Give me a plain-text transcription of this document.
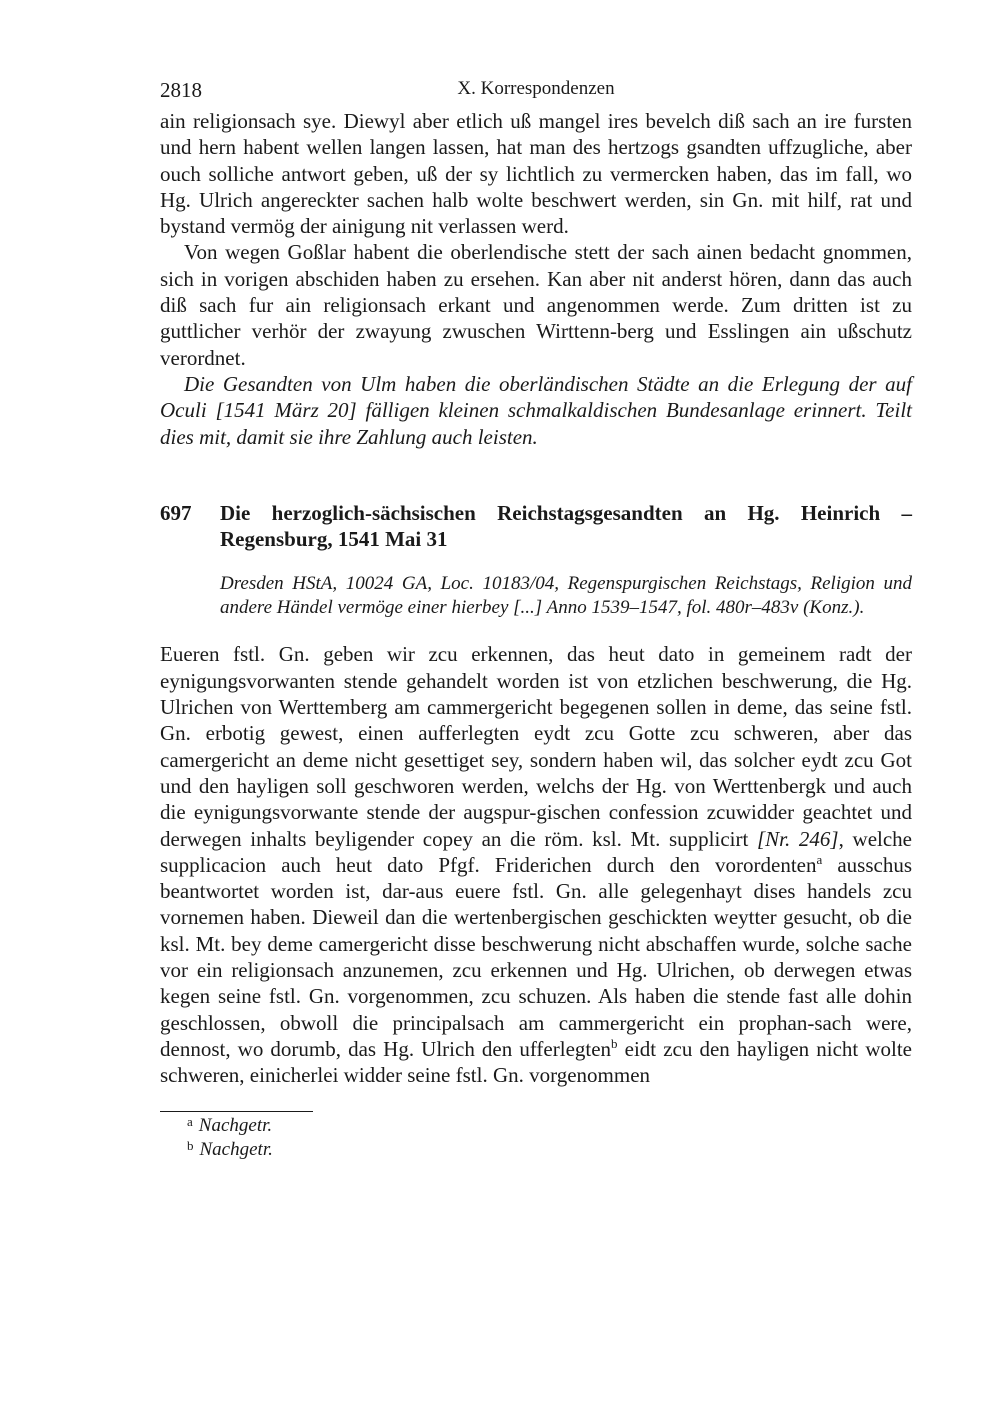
2818	X. Korrespondenzen

ain religionsach sye. Diewyl aber etlich uß mangel ires bevelch diß sach an ire fursten und hern habent wellen langen lassen, hat man des hertzogs gsandten uffzugliche, aber ouch solliche antwort geben, uß der sy lichtlich zu vermercken haben, das im fall, wo Hg. Ulrich angereckter sachen halb wolte beschwert werden, sin Gn. mit hilf, rat und bystand vermög der ainigung nit verlassen werd.

Von wegen Goßlar habent die oberlendische stett der sach ainen bedacht gnommen, sich in vorigen abschiden haben zu ersehen. Kan aber nit anderst hören, dann das auch diß sach fur ain religionsach erkant und angenommen werde. Zum dritten ist zu guttlicher verhör der zwayung zwuschen Wirttenn-berg und Esslingen ain ußschutz verordnet.

Die Gesandten von Ulm haben die oberländischen Städte an die Erlegung der auf Oculi [1541 März 20] fälligen kleinen schmalkaldischen Bundesanlage erinnert. Teilt dies mit, damit sie ihre Zahlung auch leisten.

697	Die herzoglich-sächsischen Reichstagsgesandten an Hg. Heinrich – Regensburg, 1541 Mai 31

Dresden HStA, 10024 GA, Loc. 10183/04, Regenspurgischen Reichstags, Religion und andere Händel vermöge einer hierbey [...] Anno 1539–1547, fol. 480r–483v (Konz.).

Eueren fstl. Gn. geben wir zcu erkennen, das heut dato in gemeinem radt der eynigungsvorwanten stende gehandelt worden ist von etzlichen beschwerung, die Hg. Ulrichen von Werttemberg am cammergericht begegenen sollen in deme, das seine fstl. Gn. erbotig gewest, einen aufferlegten eydt zcu Gotte zcu schweren, aber das camergericht an deme nicht gesettiget sey, sondern haben wil, das solcher eydt zcu Got und den hayligen soll geschworen werden, welchs der Hg. von Werttenbergk und auch die eynigungsvorwante stende der augspur-gischen confession zcuwidder geachtet und derwegen inhalts beyligender copey an die röm. ksl. Mt. supplicirt [Nr. 246], welche supplicacion auch heut dato Pfgf. Friderichen durch den vorordenten$^a$ ausschus beantwortet worden ist, dar-aus euere fstl. Gn. alle gelegenhayt dises handels zcu vornemen haben. Dieweil dan die wertenbergischen geschickten weytter gesucht, ob die ksl. Mt. bey deme camergericht disse beschwerung nicht abschaffen wurde, solche sache vor ein religionsach anzunemen, zcu erkennen und Hg. Ulrichen, ob derwegen etwas kegen seine fstl. Gn. vorgenommen, zcu schuzen. Als haben die stende fast alle dohin geschlossen, obwoll die principalsach am cammergericht ein prophan-sach were, dennost, wo dorumb, das Hg. Ulrich den ufferlegten$^b$ eidt zcu den hayligen nicht wolte schweren, einicherlei widder seine fstl. Gn. vorgenommen

a Nachgetr.
b Nachgetr.
